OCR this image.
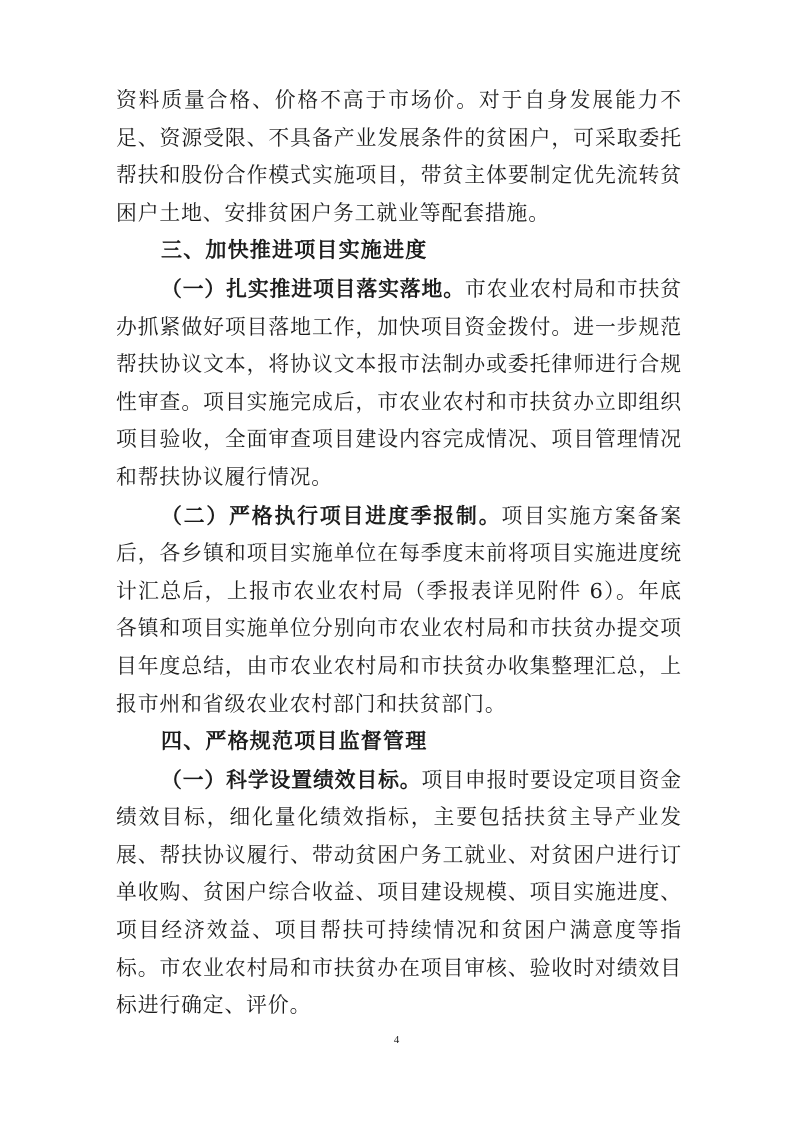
资料质量合格、价格不高于市场价。对于自身发展能力不足、资源受限、不具备产业发展条件的贫困户，可采取委托帮扶和股份合作模式实施项目，带贫主体要制定优先流转贫困户土地、安排贫困户务工就业等配套措施。

三、加快推进项目实施进度

（一）扎实推进项目落实落地。市农业农村局和市扶贫办抓紧做好项目落地工作，加快项目资金拨付。进一步规范帮扶协议文本，将协议文本报市法制办或委托律师进行合规性审查。项目实施完成后，市农业农村和市扶贫办立即组织项目验收，全面审查项目建设内容完成情况、项目管理情况和帮扶协议履行情况。

（二）严格执行项目进度季报制。项目实施方案备案后，各乡镇和项目实施单位在每季度末前将项目实施进度统计汇总后，上报市农业农村局（季报表详见附件 6）。年底各镇和项目实施单位分别向市农业农村局和市扶贫办提交项目年度总结，由市农业农村局和市扶贫办收集整理汇总，上报市州和省级农业农村部门和扶贫部门。

四、严格规范项目监督管理

（一）科学设置绩效目标。项目申报时要设定项目资金绩效目标，细化量化绩效指标，主要包括扶贫主导产业发展、帮扶协议履行、带动贫困户务工就业、对贫困户进行订单收购、贫困户综合收益、项目建设规模、项目实施进度、项目经济效益、项目帮扶可持续情况和贫困户满意度等指标。市农业农村局和市扶贫办在项目审核、验收时对绩效目标进行确定、评价。

4
